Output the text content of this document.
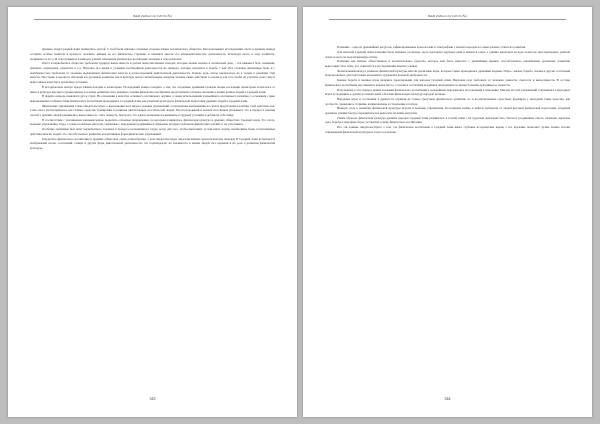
ВАЖ Záhlaví 2(1)/2019 (№)

Древнее люди Средней Азии занимались охотой. С этой были связаны основные стороны жизни человеческого общества. Как показывают исследования, охота в древней период оставила особые свойства в процессе человека, навыки на его физическое строение, и повлияла многое его жизнедеятельности, деятельность, используя охота, в ходе хозяйства, подвижность и т.д. В этих примерах и выводах ученых описываем физическое воспитание человека в этих регионах.

Охота и первобытное общество требовали трудную выносливость в долгих многочисленных походах, которые можно назвать в охотничьем деле, – эти навыки в беге, плавании, прыжках, переправах, равенстве и т.д. Находясь все время в условиях необходимой деятельности их природа, человек закалился в борьбе с ней. Все сложные жизненные беды и с неизбежностью требовали от человека выдающихся физических качеств в разносторонней двигательной деятельности. Однако роль охоты заключалась не в только в развитии этих качеств. Она также в процессе обучения и в духовном развитии, как и культура делала значительные попытки человек своих действий, в основе и для того чтобы не утратить свою силу и выносливые качества в различных условиях.

В историческом центре предоставили находки в Ахангаране. Из преданий можно говорить о том, что созданные древними граждан малые поселения Ахангарана отличалась от иных в культуре высокого уровня жизни, и в конце развитии этого мощные стоянки физическое воспитание представляли основное значение в жизни разных людей в Средней Азии.

В первую очередь появлялся дух и страх. На основании в качестве основного охотничьего оружия, а также использования дальнейшего охотничьего развития, у основания с ярко выраженными особенностями физического воспитания проводились в Средней Азии, как развитие культуры и физической подготовки древних людей в Средней Азии.

Физические упражнения также свидетельствуют о выполнении всех видов сложных упражнений. Сохраненные изображения на скалах представляют наличие этой деятельности. Сама охота рассматривалась как главное средство тренировки и развития двигательных способностей людей. Ряд исследований и разных источников указывают, что в процессе занятия охотой у древних людей развивались выносливость, сила, ловкость, быстрота, что давало возможность выживать в трудных условиях и добывать себе пищу.

В соответствии с указанными данными можно выделить основные направления, по которым развивалась физическая культура в древних обществах Средней Азии. Это охота, военные упражнения, игры, а также различные ритуалы, связанные с народными традициями и обрядами, которые требовали физических усилий от их участников.

Особенно значимым был опыт первобытного человека в процессе коллективного труда, когда для того, чтобы выполнить ту или иную задачу, необходимы были согласованные действия многих людей, что способствовало развитию коллективных форм физических упражнений.

Результаты физического воспитания в древних обществах очень разнообразны, о чем свидетельствуют многочисленные археологические находки. В Средней Азии встречаются изображения охоты, состязаний, танцев и других форм двигательной деятельности, что подтверждает их значимость в жизни людей того времени и их роль в развитии физической культуры.

343
ВАЖ Záhlaví 2(1)/2019 (№)

Плавание – одно из древнейших ресурсов, зафиксированных археологами и этнографами у многих народов на самых разных этапах их развития.

Для жителей Средней Азии плавание было важным, поскольку здесь протекают крупные реки и имеются озера, а умение держаться на воде помогало при переправах, рыбной ловле и охоте на водоплавающую птицу.

Плавание как важное общественное и воспитательное средство, которое нам было известно с древнейших времен, способствовало закаливанию организма, развитию выносливости и силы, что отмечается в исследованиях многих ученых.

Значительный вклад в развитие физической культуры внесли различные игры, которые также проводились древними людьми. Игры с мячом, борьба, скачки и другие состязания использовались для подготовки молодежи к трудовой и военной деятельности.

Конная борьба и конные игры являлись характерными для народов Средней Азии. Верховая езда требовала от человека ловкости, смелости и выносливости. В составе физического воспитания она занимала важное место, а скачки и состязания всадников проводились во время больших праздников и торжеств.

Полученные в этот период знания и навыки физического воспитания в дальнейшем передавались из поколения в поколение. Многие из этих упражнений сохранились в народных играх и традициях и дошли до наших дней, обогатив физическую культуру народов региона.

Народные игры и состязания в древности служили не только средством физического развития, но и воспитательным средством, формируя у молодежи такие качества, как честность, уважение к старшим, взаимопомощь и стремление к победе.

Важную роль в развитии физической культуры играли и военные упражнения. Постоянные войны и набеги требовали от людей высокой физической подготовки, владения оружием, умения быстро передвигаться и выносить большие нагрузки.

Таким образом, физическая культура древних народов Средней Азии развивалась в тесной связи с их трудовой деятельностью, бытом и традициями. Охота, плавание, верховая езда, борьба и народные игры составляли основу физического воспитания.

Все эти данные свидетельствуют о том, что физическое воспитание в Средней Азии имеет глубокие исторические корни, а его изучение позволяет лучше понять истоки современной физической культуры и спорта в регионе.

344
